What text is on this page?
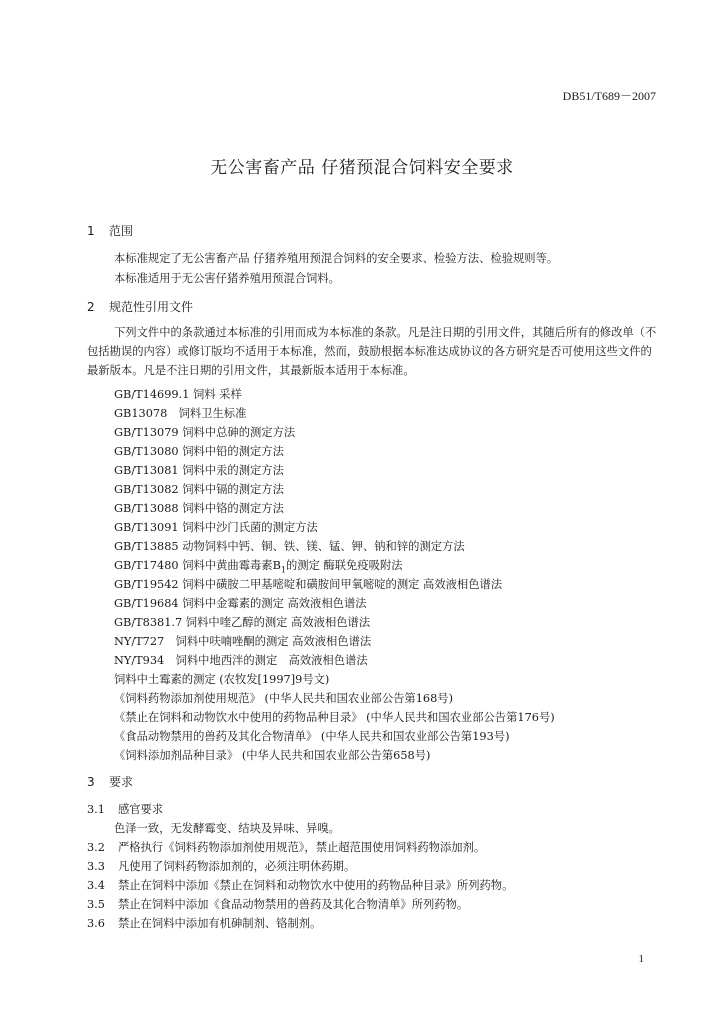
DB51/T689－2007
无公害畜产品 仔猪预混合饲料安全要求
1 范围
本标准规定了无公害畜产品 仔猪养殖用预混合饲料的安全要求、检验方法、检验规则等。
本标准适用于无公害仔猪养殖用预混合饲料。
2 规范性引用文件
下列文件中的条款通过本标准的引用而成为本标准的条款。凡是注日期的引用文件，其随后所有的修改单（不包括勘误的内容）或修订版均不适用于本标准，然而，鼓励根据本标准达成协议的各方研究是否可使用这些文件的最新版本。凡是不注日期的引用文件，其最新版本适用于本标准。
GB/T14699.1 饲料 采样
GB13078　 饲料卫生标准
GB/T13079 饲料中总砷的测定方法
GB/T13080 饲料中铅的测定方法
GB/T13081 饲料中汞的测定方法
GB/T13082 饲料中镉的测定方法
GB/T13088 饲料中铬的测定方法
GB/T13091 饲料中沙门氏菌的测定方法
GB/T13885 动物饲料中钙、铜、铁、镁、锰、钾、钠和锌的测定方法
GB/T17480 饲料中黄曲霉毒素$B_1$的测定 酶联免疫吸附法
GB/T19542 饲料中磺胺二甲基嘧啶和磺胺间甲氧嘧啶的测定 高效液相色谱法
GB/T19684 饲料中金霉素的测定 高效液相色谱法
GB/T8381.7 饲料中喹乙醇的测定 高效液相色谱法
NY/T727　 饲料中呋喃唑酮的测定 高效液相色谱法
NY/T934　 饲料中地西泮的测定　高效液相色谱法
饲料中土霉素的测定 (农牧发[1997]9号文)
《饲料药物添加剂使用规范》 (中华人民共和国农业部公告第168号)
《禁止在饲料和动物饮水中使用的药物品种目录》 (中华人民共和国农业部公告第176号)
《食品动物禁用的兽药及其化合物清单》 (中华人民共和国农业部公告第193号)
《饲料添加剂品种目录》 (中华人民共和国农业部公告第658号)
3 要求
3.1 感官要求
色泽一致，无发酵霉变、结块及异味、异嗅。
3.2 严格执行《饲料药物添加剂使用规范》，禁止超范围使用饲料药物添加剂。
3.3 凡使用了饲料药物添加剂的，必须注明休药期。
3.4 禁止在饲料中添加《禁止在饲料和动物饮水中使用的药物品种目录》所列药物。
3.5 禁止在饲料中添加《食品动物禁用的兽药及其化合物清单》所列药物。
3.6 禁止在饲料中添加有机砷制剂、铬制剂。
1
